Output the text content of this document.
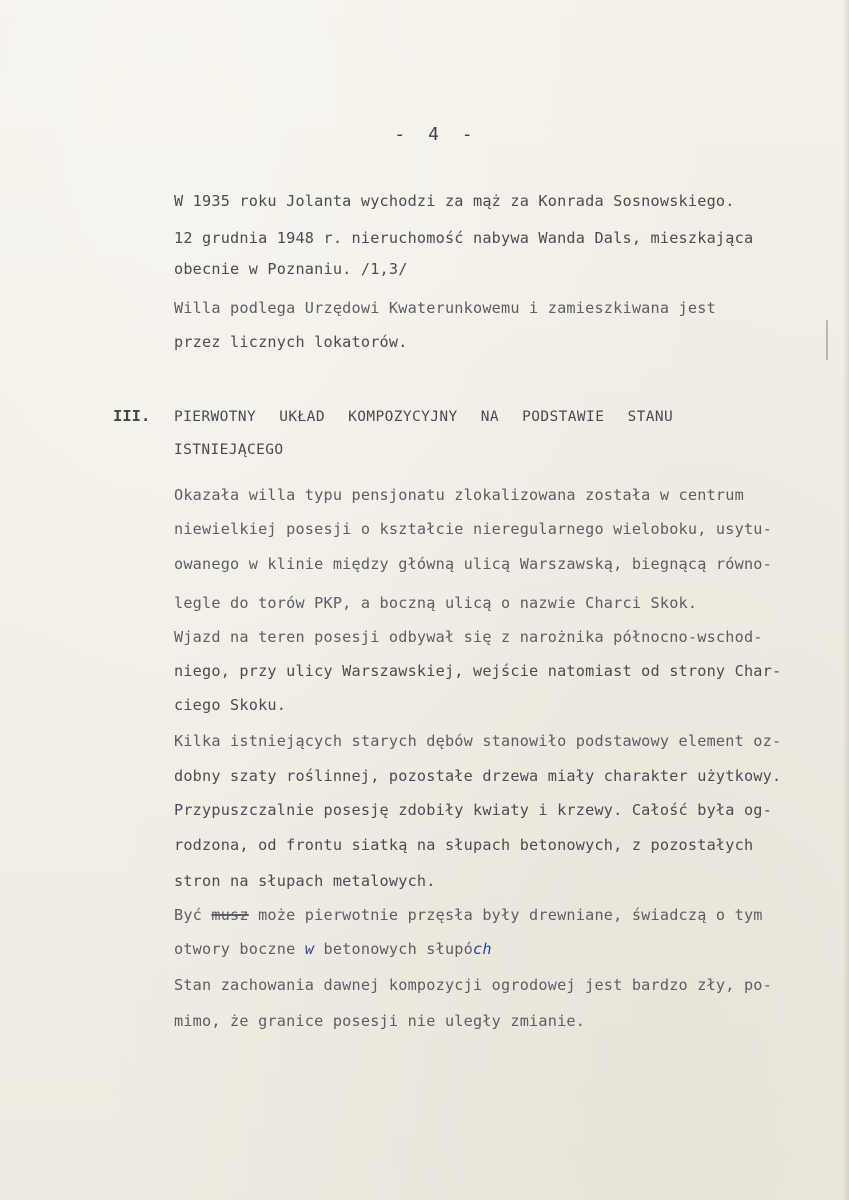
- 4 -
W 1935 roku Jolanta wychodzi za mąż za Konrada Sosnowskiego.
12 grudnia 1948 r. nieruchomość nabywa Wanda Dals, mieszkająca
obecnie w Poznaniu. /1,3/
Willa podlega Urzędowi Kwaterunkowemu i zamieszkiwana jest
przez licznych lokatorów.
III. PIERWOTNY UKŁAD KOMPOZYCYJNY NA PODSTAWIE STANU
ISTNIEJĄCEGO
Okazała willa typu pensjonatu zlokalizowana została w centrum
niewielkiej posesji o kształcie nieregularnego wieloboku, usytu-
owanego w klinie między główną ulicą Warszawską, biegnącą równo-
legle do torów PKP, a boczną ulicą o nazwie Charci Skok.
Wjazd na teren posesji odbywał się z narożnika północno-wschod-
niego, przy ulicy Warszawskiej, wejście natomiast od strony Char-
ciego Skoku.
Kilka istniejących starych dębów stanowiło podstawowy element oz-
dobny szaty roślinnej, pozostałe drzewa miały charakter użytkowy.
Przypuszczalnie posesję zdobiły kwiaty i krzewy. Całość była og-
rodzona, od frontu siatką na słupach betonowych, z pozostałych
stron na słupach metalowych.
Być musz może pierwotnie przęsła były drewniane, świadczą o tym
otwory boczne w betonowych słupóch
Stan zachowania dawnej kompozycji ogrodowej jest bardzo zły, po-
mimo, że granice posesji nie uległy zmianie.
